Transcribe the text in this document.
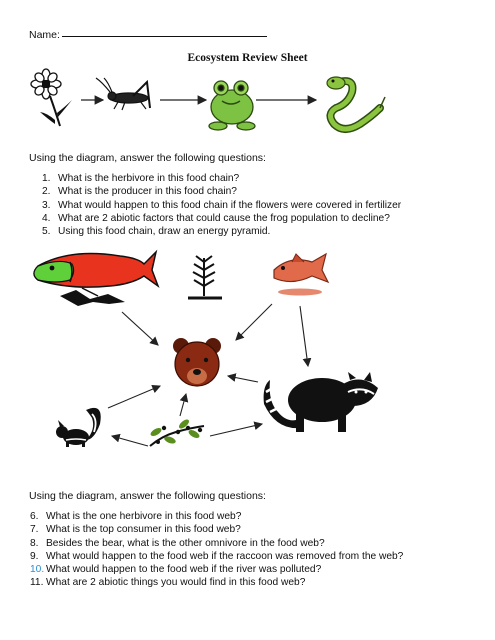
Name:
Ecosystem Review Sheet
Using the diagram, answer the following questions:
1. What is the herbivore in this food chain?
2. What is the producer in this food chain?
3. What would happen to this food chain if the flowers were covered in fertilizer
4. What are 2 abiotic factors that could cause the frog population to decline?
5. Using this food chain, draw an energy pyramid.
Using the diagram, answer the following questions:
6. What is the one herbivore in this food web?
7. What is the top consumer in this food web?
8. Besides the bear, what is the other omnivore in the food web?
9. What would happen to the food web if the raccoon was removed from the web?
10. What would happen to the food web if the river was polluted?
11. What are 2 abiotic things you would find in this food web?
